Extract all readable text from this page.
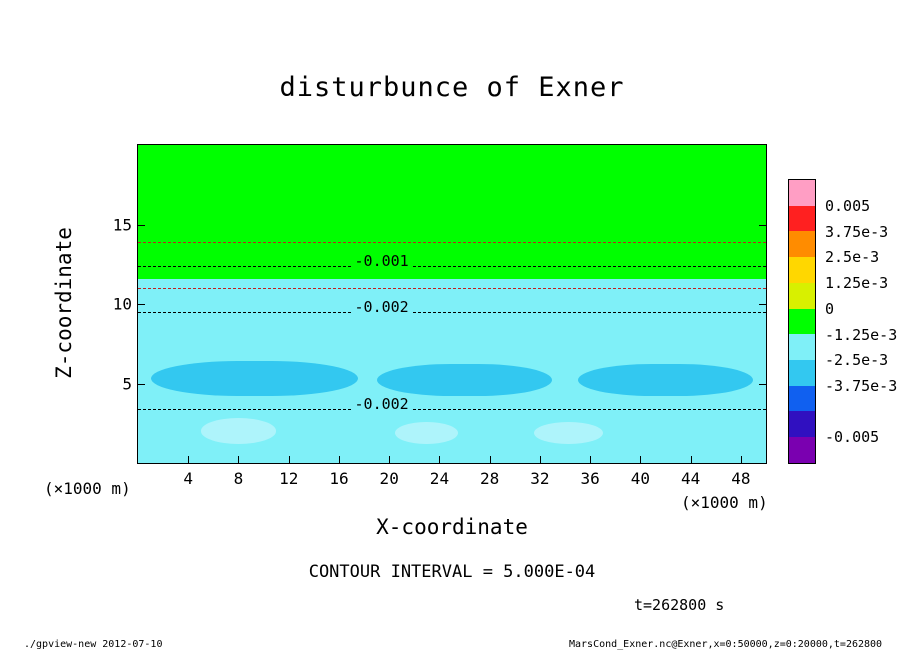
disturbunce of Exner
-0.001
-0.002
-0.002
5
10
15
4	8 12 16 20 24 28 32 36 40 44 48
Z-coordinate
X-coordinate
(×1000 m)
(×1000 m)
0.005
3.75e-3
2.5e-3
1.25e-3
0
-1.25e-3
-2.5e-3
-3.75e-3
-0.005
CONTOUR INTERVAL = 5.000E-04
t=262800 s
./gpview-new 2012-07-10	MarsCond_Exner.nc@Exner,x=0:50000,z=0:20000,t=262800
